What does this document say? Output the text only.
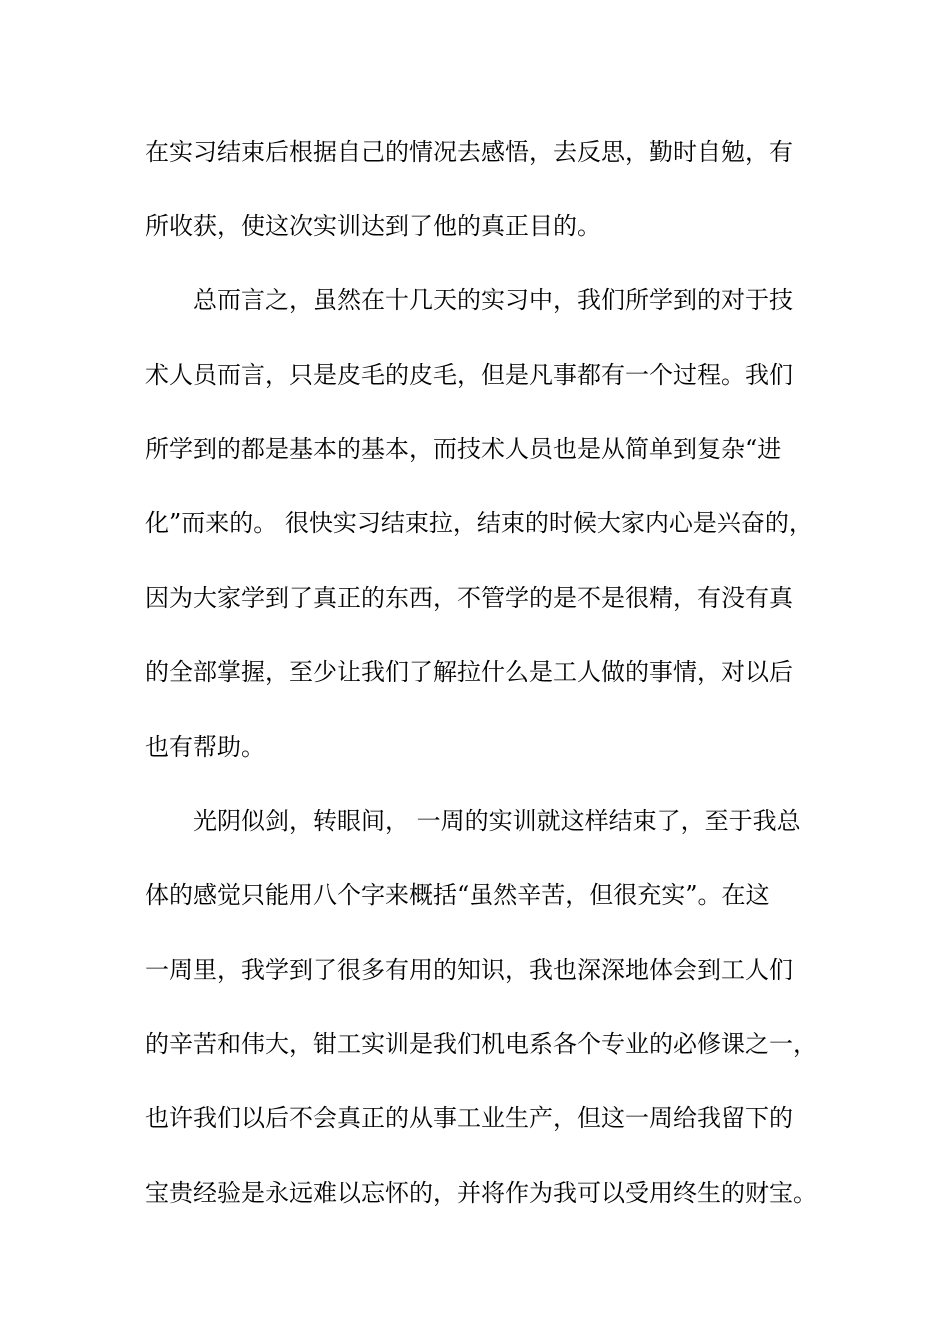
在实习结束后根据自己的情况去感悟，去反思，勤时自勉，有
所收获，使这次实训达到了他的真正目的。
　　总而言之，虽然在十几天的实习中，我们所学到的对于技
术人员而言，只是皮毛的皮毛，但是凡事都有一个过程。我们
所学到的都是基本的基本，而技术人员也是从简单到复杂“进
化”而来的。 很快实习结束拉，结束的时候大家内心是兴奋的，
因为大家学到了真正的东西，不管学的是不是很精，有没有真
的全部掌握，至少让我们了解拉什么是工人做的事情，对以后
也有帮助。
　　光阴似剑，转眼间， 一周的实训就这样结束了，至于我总
体的感觉只能用八个字来概括“虽然辛苦，但很充实”。在这
一周里，我学到了很多有用的知识，我也深深地体会到工人们
的辛苦和伟大，钳工实训是我们机电系各个专业的必修课之一，
也许我们以后不会真正的从事工业生产，但这一周给我留下的
宝贵经验是永远难以忘怀的，并将作为我可以受用终生的财宝。
